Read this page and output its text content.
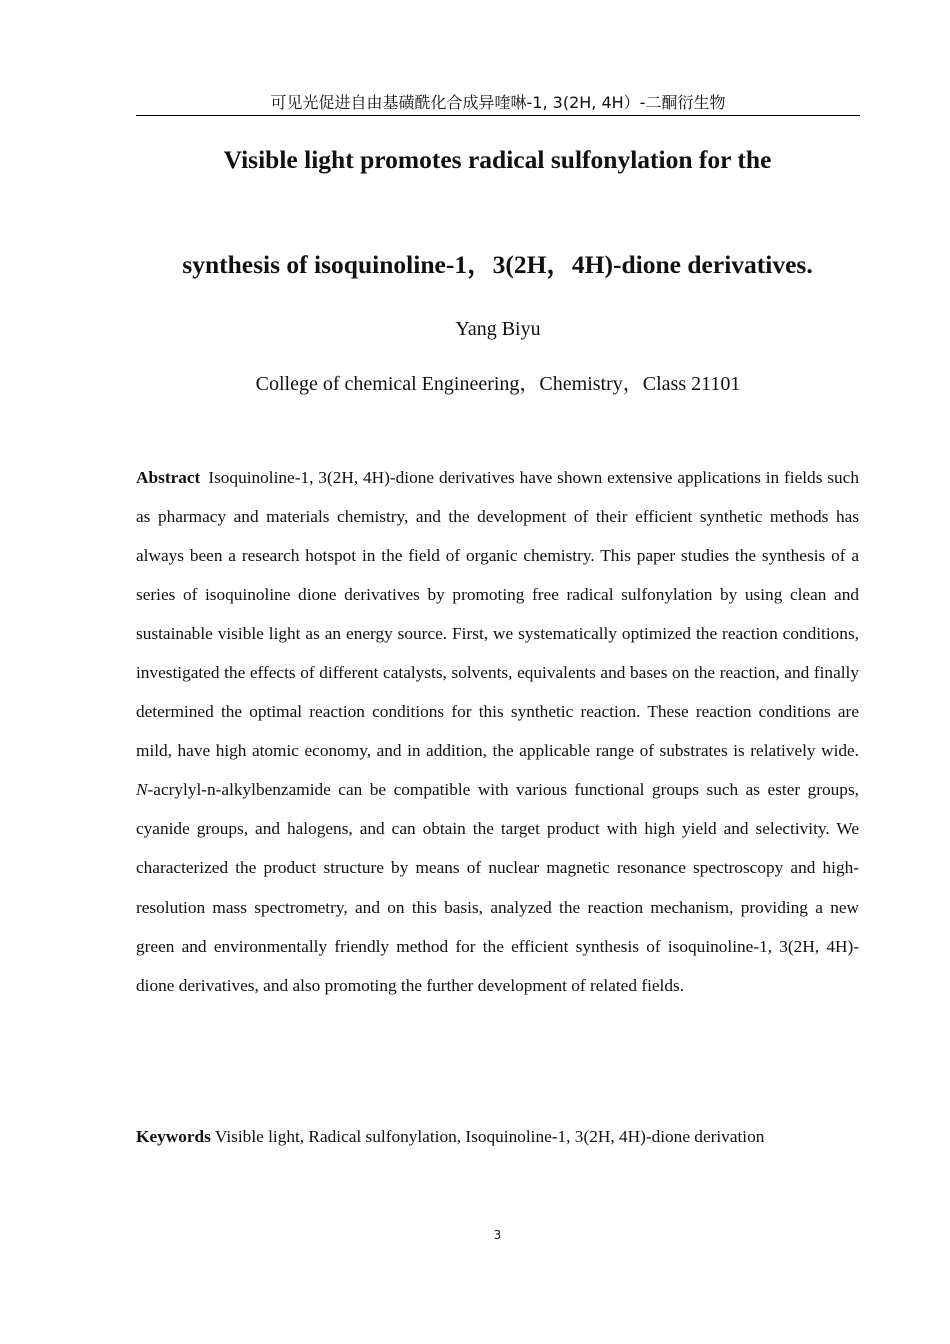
可见光促进自由基磺酰化合成异喹啉-1, 3(2H, 4H）-二酮衍生物
Visible light promotes radical sulfonylation for the
synthesis of isoquinoline-1，3(2H，4H)-dione derivatives.
Yang Biyu
College of chemical Engineering，Chemistry，Class 21101

Abstract Isoquinoline-1, 3(2H, 4H)-dione derivatives have shown extensive applications in fields such as pharmacy and materials chemistry, and the development of their efficient synthetic methods has always been a research hotspot in the field of organic chemistry. This paper studies the synthesis of a series of isoquinoline dione derivatives by promoting free radical sulfonylation by using clean and sustainable visible light as an energy source. First, we systematically optimized the reaction conditions, investigated the effects of different catalysts, solvents, equivalents and bases on the reaction, and finally determined the optimal reaction conditions for this synthetic reaction. These reaction conditions are mild, have high atomic economy, and in addition, the applicable range of substrates is relatively wide. N-acrylyl-n-alkylbenzamide can be compatible with various functional groups such as ester groups, cyanide groups, and halogens, and can obtain the target product with high yield and selectivity. We characterized the product structure by means of nuclear magnetic resonance spectroscopy and high-resolution mass spectrometry, and on this basis, analyzed the reaction mechanism, providing a new green and environmentally friendly method for the efficient synthesis of isoquinoline-1, 3(2H, 4H)-dione derivatives, and also promoting the further development of related fields.

Keywords Visible light, Radical sulfonylation, Isoquinoline-1, 3(2H, 4H)-dione derivation
3
